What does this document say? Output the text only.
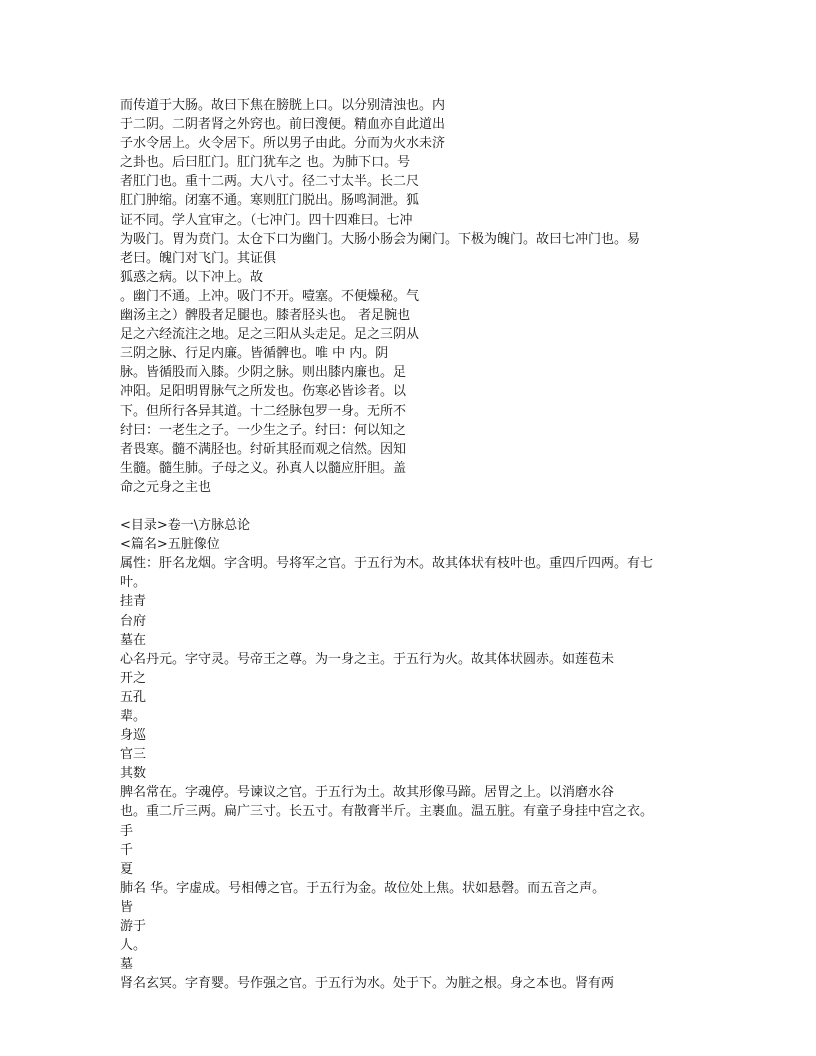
而传道于大肠。故曰下焦在膀胱上口。以分别清浊也。内
于二阴。二阴者肾之外窍也。前曰溲便。精血亦自此道出
子水令居上。火令居下。所以男子由此。分而为火水未济
之卦也。后曰肛门。肛门犹车之 也。为肺下口。号
者肛门也。重十二两。大八寸。径二寸太半。长二尺
肛门肿缩。闭塞不通。寒则肛门脱出。肠鸣洞泄。狐
证不同。学人宜审之。（七冲门。四十四难曰。七冲
为吸门。胃为贲门。太仓下口为幽门。大肠小肠会为阑门。下极为魄门。故曰七冲门也。易
老曰。魄门对飞门。其证俱
狐惑之病。以下冲上。故
。幽门不通。上冲。吸门不开。噎塞。不便燥秘。气
幽汤主之）髀股者足腿也。膝者胫头也。 者足腕也
足之六经流注之地。足之三阳从头走足。足之三阴从
三阴之脉、行足内廉。皆循髀也。唯 中 内。阴
脉。皆循股而入膝。少阴之脉。则出膝内廉也。足
冲阳。足阳明胃脉气之所发也。伤寒必皆诊者。以
下。但所行各异其道。十二经脉包罗一身。无所不
纣曰：一老生之子。一少生之子。纣曰：何以知之
者畏寒。髓不满胫也。纣斫其胫而观之信然。因知
生髓。髓生肺。子母之义。孙真人以髓应肝胆。盖
命之元身之主也
<目录>卷一\方脉总论
<篇名>五脏像位
属性：肝名龙烟。字含明。号将军之官。于五行为木。故其体状有枝叶也。重四斤四两。有七
叶。
挂青
台府
墓在
心名丹元。字守灵。号帝王之尊。为一身之主。于五行为火。故其体状圆赤。如莲苞未
开之
五孔
辈。
身巡
官三
其数
脾名常在。字魂停。号谏议之官。于五行为土。故其形像马蹄。居胃之上。以消磨水谷
也。重二斤三两。扁广三寸。长五寸。有散膏半斤。主裹血。温五脏。有童子身挂中宫之衣。
手
千
夏
肺名 华。字虚成。号相傅之官。于五行为金。故位处上焦。状如悬磬。而五音之声。
皆
游于
人。
墓
肾名玄冥。字育婴。号作强之官。于五行为水。处于下。为脏之根。身之本也。肾有两
